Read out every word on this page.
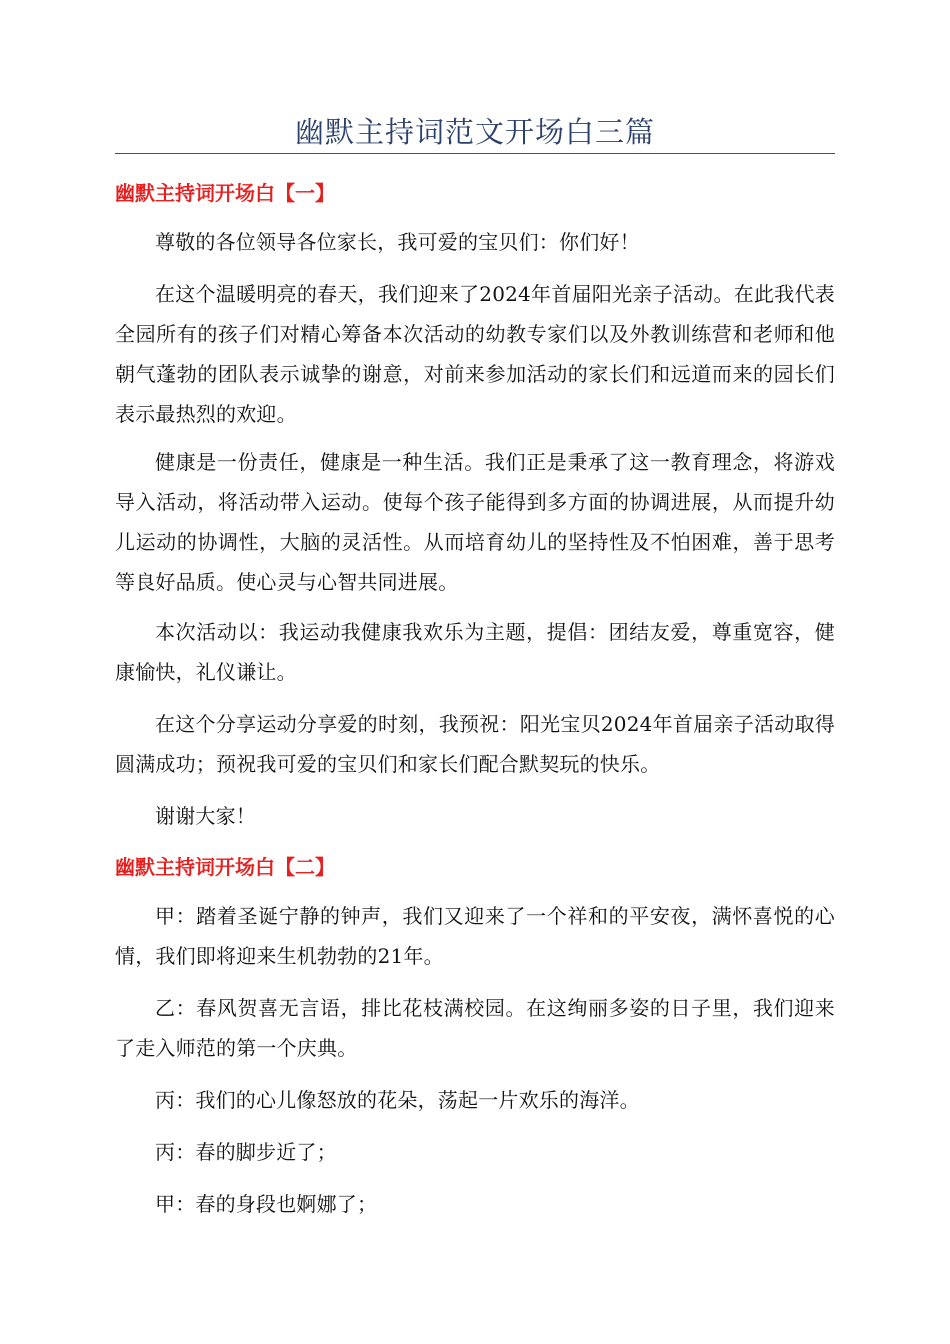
幽默主持词范文开场白三篇
幽默主持词开场白【一】
尊敬的各位领导各位家长，我可爱的宝贝们：你们好！
在这个温暖明亮的春天，我们迎来了2024年首届阳光亲子活动。在此我代表全园所有的孩子们对精心筹备本次活动的幼教专家们以及外教训练营和老师和他朝气蓬勃的团队表示诚挚的谢意，对前来参加活动的家长们和远道而来的园长们表示最热烈的欢迎。
健康是一份责任，健康是一种生活。我们正是秉承了这一教育理念，将游戏导入活动，将活动带入运动。使每个孩子能得到多方面的协调进展，从而提升幼儿运动的协调性，大脑的灵活性。从而培育幼儿的坚持性及不怕困难，善于思考等良好品质。使心灵与心智共同进展。
本次活动以：我运动我健康我欢乐为主题，提倡：团结友爱，尊重宽容，健康愉快，礼仪谦让。
在这个分享运动分享爱的时刻，我预祝：阳光宝贝2024年首届亲子活动取得圆满成功；预祝我可爱的宝贝们和家长们配合默契玩的快乐。
谢谢大家！
幽默主持词开场白【二】
甲：踏着圣诞宁静的钟声，我们又迎来了一个祥和的平安夜，满怀喜悦的心情，我们即将迎来生机勃勃的21年。
乙：春风贺喜无言语，排比花枝满校园。在这绚丽多姿的日子里，我们迎来了走入师范的第一个庆典。
丙：我们的心儿像怒放的花朵，荡起一片欢乐的海洋。
丙：春的脚步近了；
甲：春的身段也婀娜了；
